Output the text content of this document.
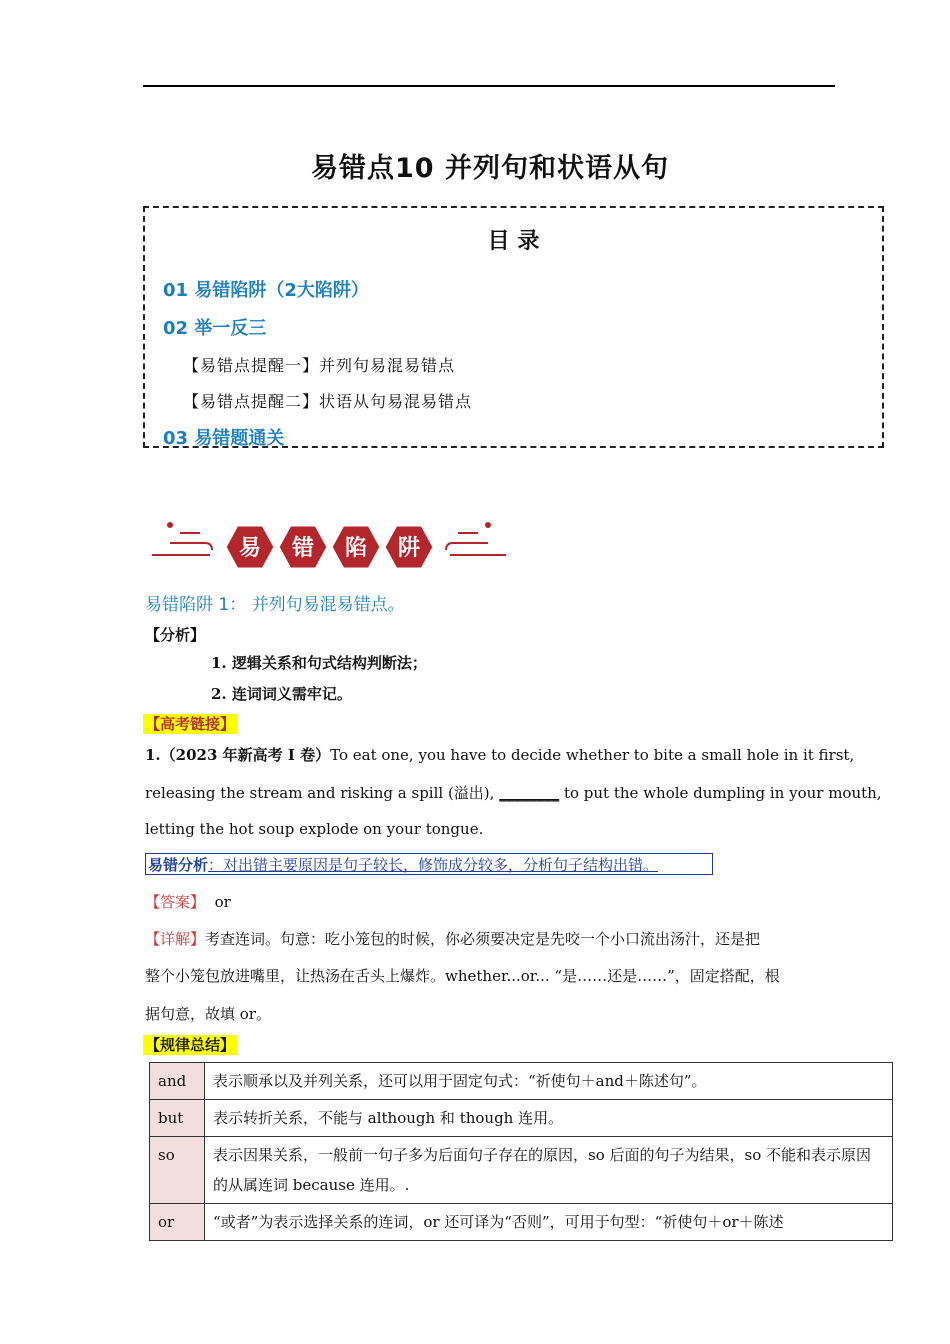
易错点10 并列句和状语从句
目 录
01 易错陷阱（2大陷阱）
02 举一反三
【易错点提醒一】并列句易混易错点
【易错点提醒二】状语从句易混易错点
03 易错题通关
易 错 陷 阱
易错陷阱 1： 并列句易混易错点。
【分析】
1. 逻辑关系和句式结构判断法；
2. 连词词义需牢记。
【高考链接】
1.（2023 年新高考 I 卷）To eat one, you have to decide whether to bite a small hole in it first,
releasing the stream and risking a spill (溢出), ________ to put the whole dumpling in your mouth,
letting the hot soup explode on your tongue.
易错分析：对出错主要原因是句子较长，修饰成分较多，分析句子结构出错。
【答案】 or
【详解】考查连词。句意：吃小笼包的时候，你必须要决定是先咬一个小口流出汤汁，还是把
整个小笼包放进嘴里，让热汤在舌头上爆炸。whether...or... “是……还是……”，固定搭配，根
据句意，故填 or。
【规律总结】
and	表示顺承以及并列关系，还可以用于固定句式：“祈使句＋and＋陈述句”。
but	表示转折关系，不能与 although 和 though 连用。
so	表示因果关系，一般前一句子多为后面句子存在的原因，so 后面的句子为结果，so 不能和表示原因的从属连词 because 连用。.
or	“或者”为表示选择关系的连词，or 还可译为“否则”，可用于句型：“祈使句＋or＋陈述
